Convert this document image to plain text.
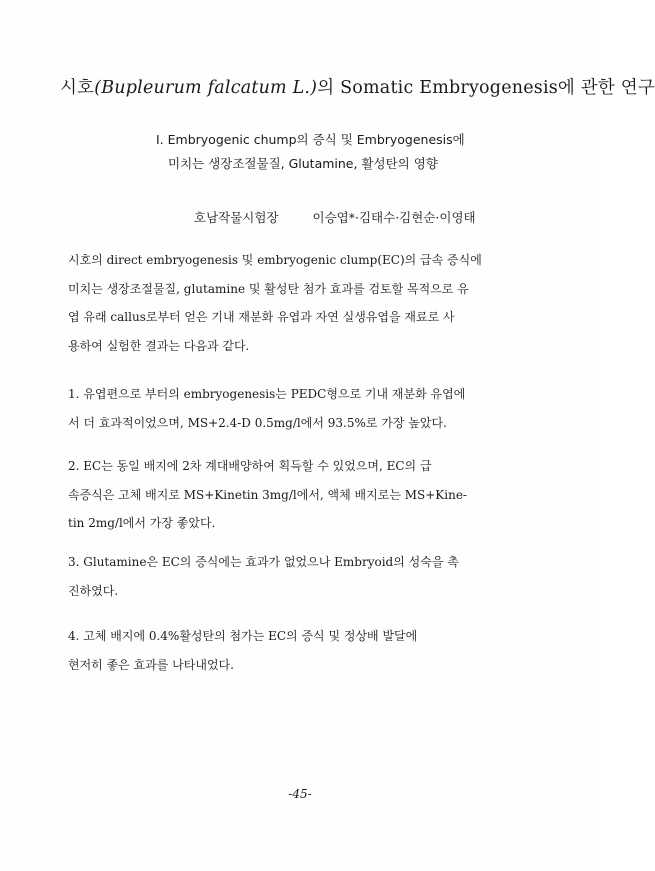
시호(Bupleurum falcatum L.)의 Somatic Embryogenesis에 관한 연구
Ⅰ. Embryogenic chump의 증식 및 Embryogenesis에
미치는 생장조절물질, Glutamine, 활성탄의 영향
호남작물시험장	이승엽*·김태수·김현순·이영태
시호의 direct embryogenesis 및 embryogenic clump(EC)의 급속 증식에
미치는 생장조절물질, glutamine 및 활성탄 첨가 효과를 검토할 목적으로 유
엽 유래 callus로부터 얻은 기내 재분화 유엽과 자연 실생유엽을 재료로 사
용하여 실험한 결과는 다음과 같다.
1. 유엽편으로 부터의 embryogenesis는 PEDC형으로 기내 재분화 유엽에
서 더 효과적이었으며, MS+2.4-D 0.5mg/l에서 93.5%로 가장 높았다.
2. EC는 동일 배지에 2차 계대배양하여 획득할 수 있었으며, EC의 급
속증식은 고체 배지로 MS+Kinetin 3mg/l에서, 액체 배지로는 MS+Kine-
tin 2mg/l에서 가장 좋았다.
3. Glutamine은 EC의 증식에는 효과가 없었으나 Embryoid의 성숙을 촉
진하였다.
4. 고체 배지에 0.4%활성탄의 첨가는 EC의 증식 및 정상배 발달에
현저히 좋은 효과를 나타내었다.
-45-
